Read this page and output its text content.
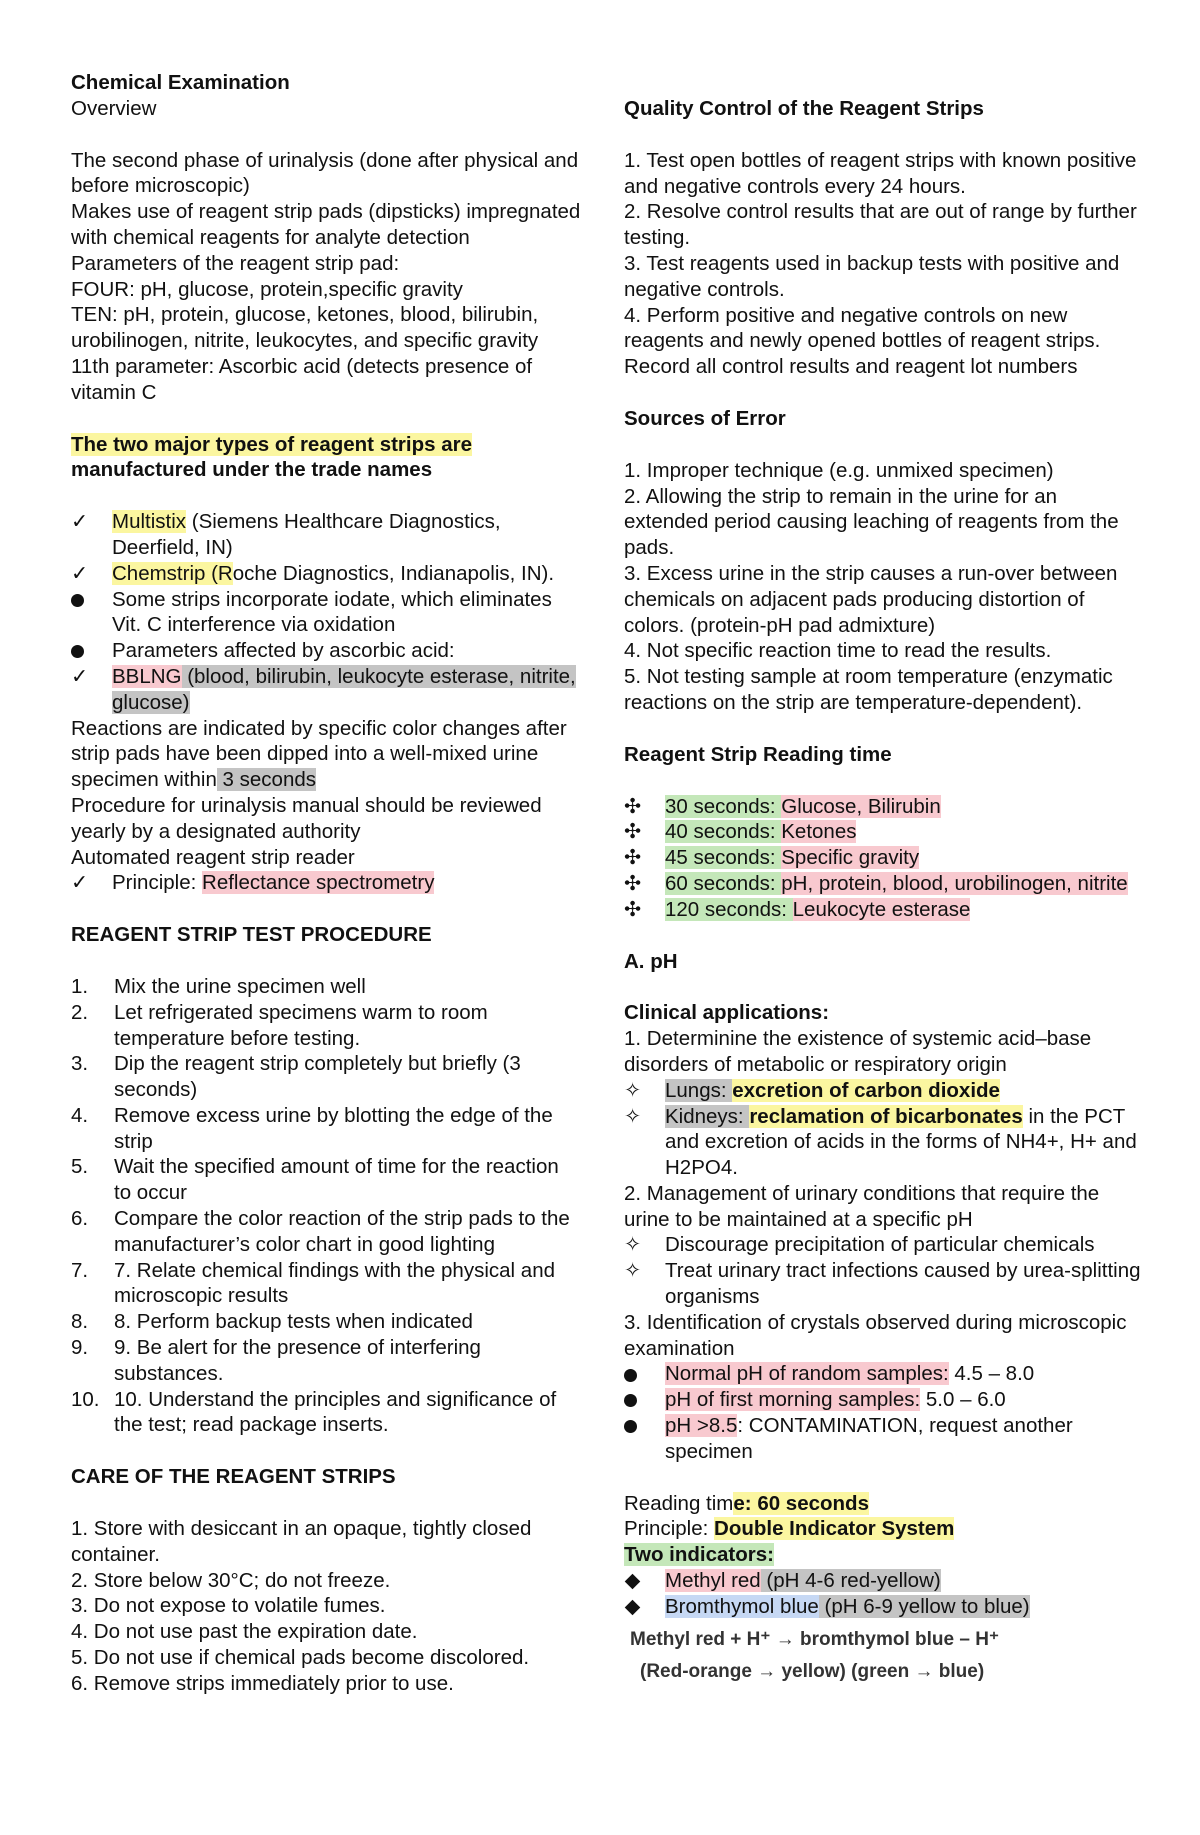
Chemical Examination
Overview
The second phase of urinalysis (done after physical and before microscopic)
Makes use of reagent strip pads (dipsticks) impregnated with chemical reagents for analyte detection
Parameters of the reagent strip pad:
FOUR: pH, glucose, protein,specific gravity
TEN: pH, protein, glucose, ketones, blood, bilirubin, urobilinogen, nitrite, leukocytes, and specific gravity
11th parameter: Ascorbic acid (detects presence of vitamin C
The two major types of reagent strips are
manufactured under the trade names
✓	Multistix (Siemens Healthcare Diagnostics, Deerfield, IN)
✓	Chemstrip (Roche Diagnostics, Indianapolis, IN).
Some strips incorporate iodate, which eliminates Vit. C interference via oxidation
Parameters affected by ascorbic acid:
✓	BBLNG (blood, bilirubin, leukocyte esterase, nitrite, glucose)
Reactions are indicated by specific color changes after strip pads have been dipped into a well-mixed urine specimen within 3 seconds
Procedure for urinalysis manual should be reviewed yearly by a designated authority
Automated reagent strip reader
✓	Principle: Reflectance spectrometry
REAGENT STRIP TEST PROCEDURE
1. Mix the urine specimen well
2. Let refrigerated specimens warm to room temperature before testing.
3. Dip the reagent strip completely but briefly (3 seconds)
4. Remove excess urine by blotting the edge of the strip
5. Wait the specified amount of time for the reaction to occur
6. Compare the color reaction of the strip pads to the manufacturer’s color chart in good lighting
7. 7. Relate chemical findings with the physical and microscopic results
8. 8. Perform backup tests when indicated
9. 9. Be alert for the presence of interfering substances.
10. 10. Understand the principles and significance of the test; read package inserts.
CARE OF THE REAGENT STRIPS
1. Store with desiccant in an opaque, tightly closed container.
2. Store below 30°C; do not freeze.
3. Do not expose to volatile fumes.
4. Do not use past the expiration date.
5. Do not use if chemical pads become discolored.
6. Remove strips immediately prior to use.
Quality Control of the Reagent Strips
1. Test open bottles of reagent strips with known positive and negative controls every 24 hours.
2. Resolve control results that are out of range by further testing.
3. Test reagents used in backup tests with positive and negative controls.
4. Perform positive and negative controls on new reagents and newly opened bottles of reagent strips. Record all control results and reagent lot numbers
Sources of Error
1. Improper technique (e.g. unmixed specimen)
2. Allowing the strip to remain in the urine for an extended period causing leaching of reagents from the pads.
3. Excess urine in the strip causes a run-over between chemicals on adjacent pads producing distortion of colors. (protein-pH pad admixture)
4. Not specific reaction time to read the results.
5. Not testing sample at room temperature (enzymatic reactions on the strip are temperature-dependent).
Reagent Strip Reading time
✣	30 seconds: Glucose, Bilirubin
✣	40 seconds: Ketones
✣	45 seconds: Specific gravity
✣	60 seconds: pH, protein, blood, urobilinogen, nitrite
✣	120 seconds: Leukocyte esterase
A. pH
Clinical applications:
1. Determinine the existence of systemic acid–base disorders of metabolic or respiratory origin
✧	Lungs: excretion of carbon dioxide
✧	Kidneys: reclamation of bicarbonates in the PCT and excretion of acids in the forms of NH4+, H+ and H2PO4.
2. Management of urinary conditions that require the urine to be maintained at a specific pH
✧	Discourage precipitation of particular chemicals
✧	Treat urinary tract infections caused by urea-splitting organisms
3. Identification of crystals observed during microscopic examination
Normal pH of random samples: 4.5 – 8.0
pH of first morning samples: 5.0 – 6.0
pH >8.5: CONTAMINATION, request another specimen
Reading time: 60 seconds
Principle: Double Indicator System
Two indicators:
Methyl red (pH 4-6 red-yellow)
Bromthymol blue (pH 6-9 yellow to blue)
Methyl red + H⁺ → bromthymol blue – H⁺
(Red-orange → yellow) (green → blue)
